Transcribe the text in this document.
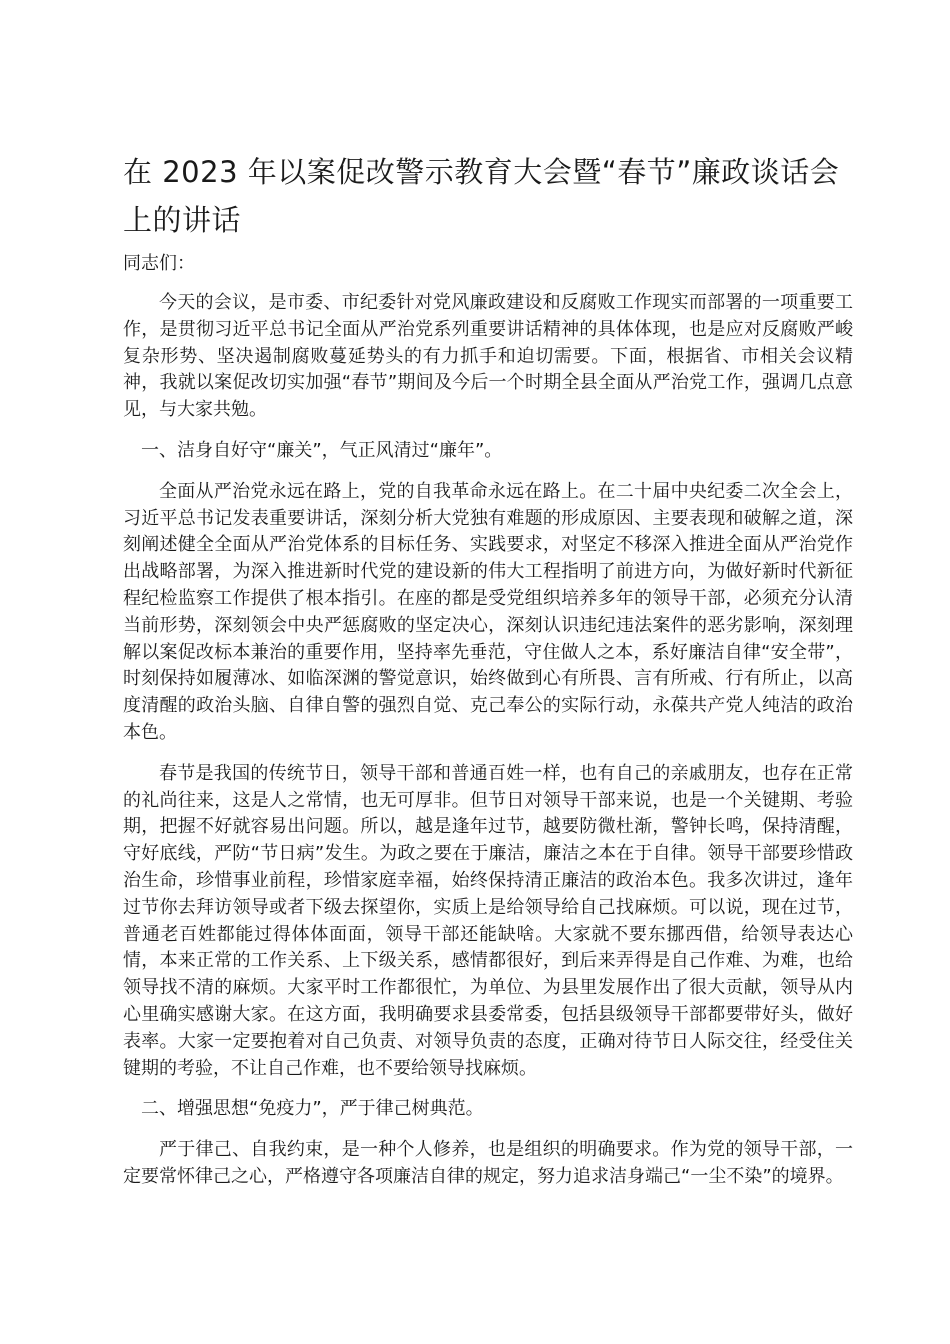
在 2023 年以案促改警示教育大会暨“春节”廉政谈话会上的讲话

同志们：

今天的会议，是市委、市纪委针对党风廉政建设和反腐败工作现实而部署的一项重要工作，是贯彻习近平总书记全面从严治党系列重要讲话精神的具体体现，也是应对反腐败严峻复杂形势、坚决遏制腐败蔓延势头的有力抓手和迫切需要。下面，根据省、市相关会议精神，我就以案促改切实加强“春节”期间及今后一个时期全县全面从严治党工作，强调几点意见，与大家共勉。

一、洁身自好守“廉关”，气正风清过“廉年”。

全面从严治党永远在路上，党的自我革命永远在路上。在二十届中央纪委二次全会上，习近平总书记发表重要讲话，深刻分析大党独有难题的形成原因、主要表现和破解之道，深刻阐述健全全面从严治党体系的目标任务、实践要求，对坚定不移深入推进全面从严治党作出战略部署，为深入推进新时代党的建设新的伟大工程指明了前进方向，为做好新时代新征程纪检监察工作提供了根本指引。在座的都是受党组织培养多年的领导干部，必须充分认清当前形势，深刻领会中央严惩腐败的坚定决心，深刻认识违纪违法案件的恶劣影响，深刻理解以案促改标本兼治的重要作用，坚持率先垂范，守住做人之本，系好廉洁自律“安全带”，时刻保持如履薄冰、如临深渊的警觉意识，始终做到心有所畏、言有所戒、行有所止，以高度清醒的政治头脑、自律自警的强烈自觉、克己奉公的实际行动，永葆共产党人纯洁的政治本色。

春节是我国的传统节日，领导干部和普通百姓一样，也有自己的亲戚朋友，也存在正常的礼尚往来，这是人之常情，也无可厚非。但节日对领导干部来说，也是一个关键期、考验期，把握不好就容易出问题。所以，越是逢年过节，越要防微杜渐，警钟长鸣，保持清醒，守好底线，严防“节日病”发生。为政之要在于廉洁，廉洁之本在于自律。领导干部要珍惜政治生命，珍惜事业前程，珍惜家庭幸福，始终保持清正廉洁的政治本色。我多次讲过，逢年过节你去拜访领导或者下级去探望你，实质上是给领导给自己找麻烦。可以说，现在过节，普通老百姓都能过得体体面面，领导干部还能缺啥。大家就不要东挪西借，给领导表达心情，本来正常的工作关系、上下级关系，感情都很好，到后来弄得是自己作难、为难，也给领导找不清的麻烦。大家平时工作都很忙，为单位、为县里发展作出了很大贡献，领导从内心里确实感谢大家。在这方面，我明确要求县委常委，包括县级领导干部都要带好头，做好表率。大家一定要抱着对自己负责、对领导负责的态度，正确对待节日人际交往，经受住关键期的考验，不让自己作难，也不要给领导找麻烦。

二、增强思想“免疫力”，严于律己树典范。

严于律己、自我约束，是一种个人修养，也是组织的明确要求。作为党的领导干部，一定要常怀律己之心，严格遵守各项廉洁自律的规定，努力追求洁身端己“一尘不染”的境界。
